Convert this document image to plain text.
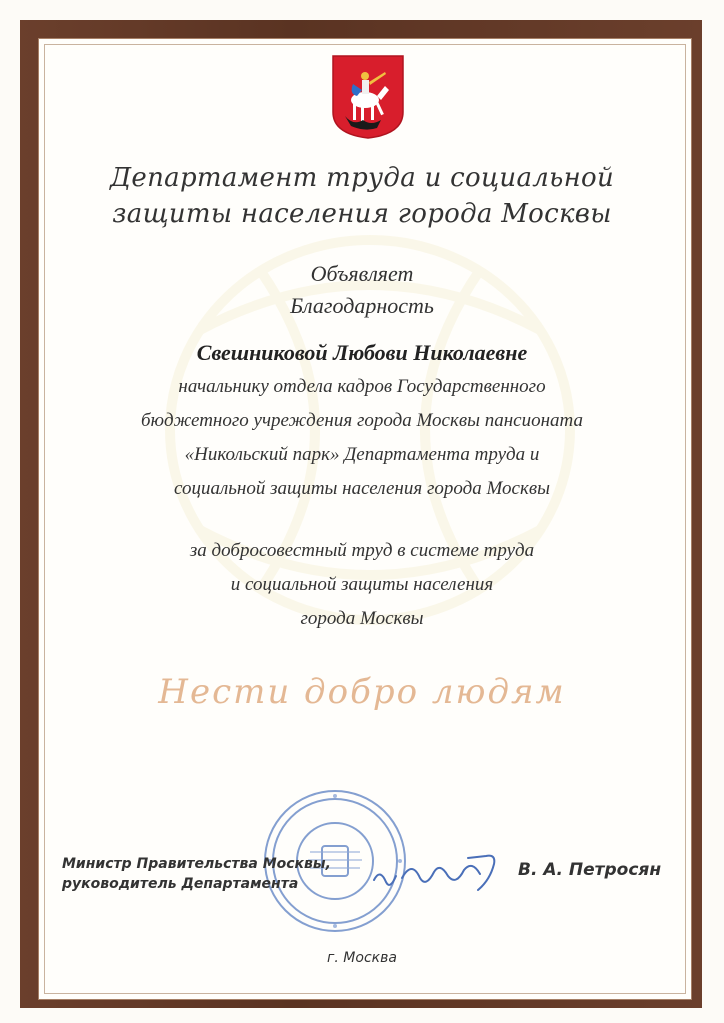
Департамент труда и социальной
защиты населения города Москвы
Объявляет
Благодарность
Свешниковой Любови Николаевне
начальнику отдела кадров Государственного
бюджетного учреждения города Москвы пансионата
«Никольский парк» Департамента труда и
социальной защиты населения города Москвы
за добросовестный труд в системе труда
и социальной защиты населения
города Москвы
Нести добро людям
Министр Правительства Москвы,
руководитель Департамента
В. А. Петросян
г. Москва
